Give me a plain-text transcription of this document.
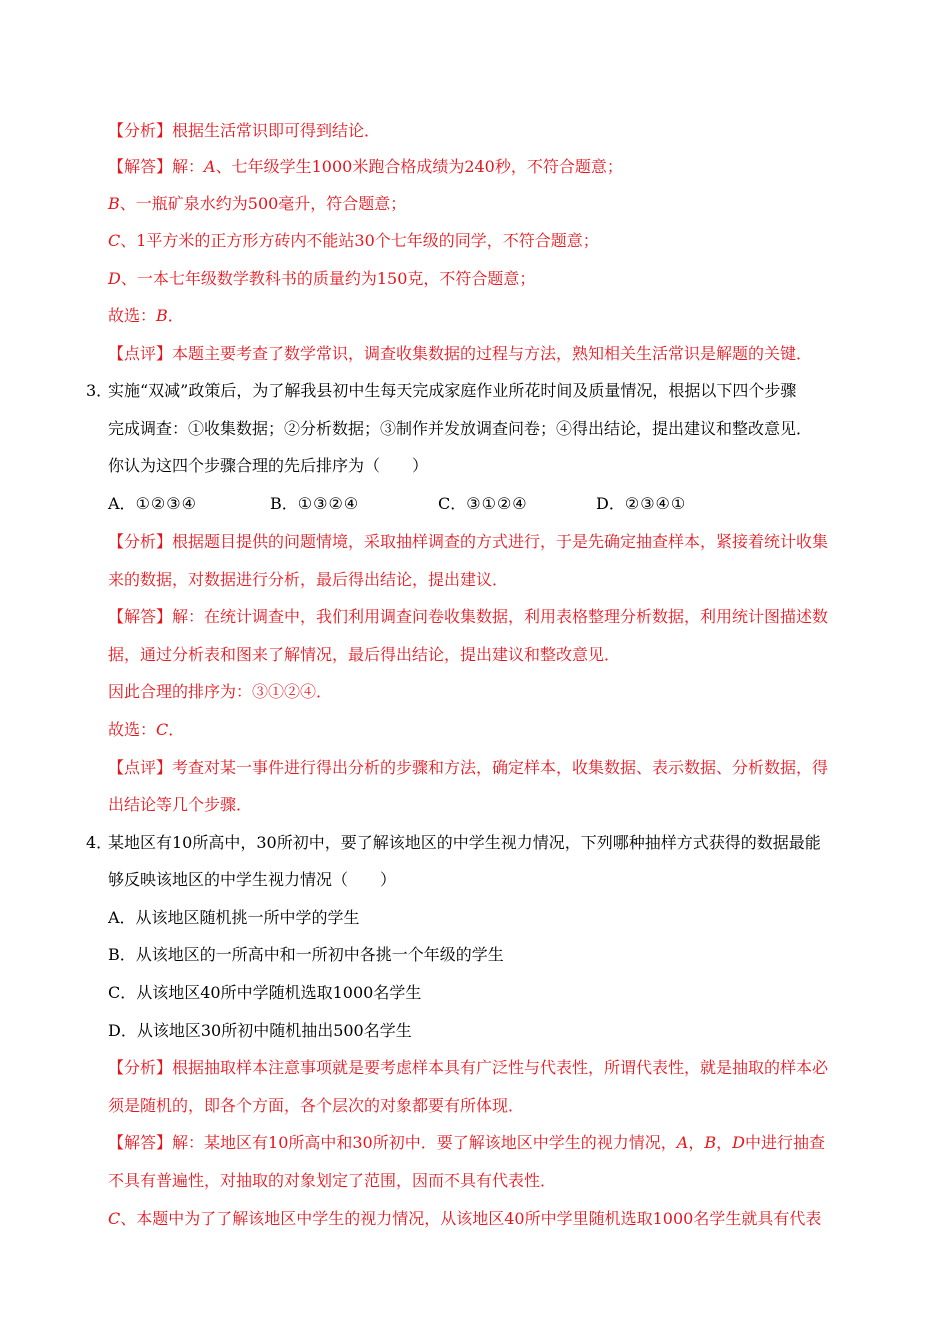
【分析】根据生活常识即可得到结论．
【解答】解：A、七年级学生1000米跑合格成绩为240秒，不符合题意；
B、一瓶矿泉水约为500毫升，符合题意；
C、1平方米的正方形方砖内不能站30个七年级的同学，不符合题意；
D、一本七年级数学教科书的质量约为150克，不符合题意；
故选：B．
【点评】本题主要考查了数学常识，调查收集数据的过程与方法，熟知相关生活常识是解题的关键．
3．
实施“双减”政策后，为了解我县初中生每天完成家庭作业所花时间及质量情况，根据以下四个步骤
完成调查：①收集数据；②分析数据；③制作并发放调查问卷；④得出结论，提出建议和整改意见．
你认为这四个步骤合理的先后排序为（　　）
A．①②③④	B．①③②④	C．③①②④	D．②③④①
【分析】根据题目提供的问题情境，采取抽样调查的方式进行，于是先确定抽查样本，紧接着统计收集
来的数据，对数据进行分析，最后得出结论，提出建议．
【解答】解：在统计调查中，我们利用调查问卷收集数据，利用表格整理分析数据，利用统计图描述数
据，通过分析表和图来了解情况，最后得出结论，提出建议和整改意见．
因此合理的排序为：③①②④．
故选：C．
【点评】考查对某一事件进行得出分析的步骤和方法，确定样本，收集数据、表示数据、分析数据，得
出结论等几个步骤．
4．
某地区有10所高中，30所初中，要了解该地区的中学生视力情况，下列哪种抽样方式获得的数据最能
够反映该地区的中学生视力情况（　　）
A．从该地区随机挑一所中学的学生
B．从该地区的一所高中和一所初中各挑一个年级的学生
C．从该地区40所中学随机选取1000名学生
D．从该地区30所初中随机抽出500名学生
【分析】根据抽取样本注意事项就是要考虑样本具有广泛性与代表性，所谓代表性，就是抽取的样本必
须是随机的，即各个方面，各个层次的对象都要有所体现．
【解答】解：某地区有10所高中和30所初中．要了解该地区中学生的视力情况，A，B，D中进行抽查
不具有普遍性，对抽取的对象划定了范围，因而不具有代表性．
C、本题中为了了解该地区中学生的视力情况，从该地区40所中学里随机选取1000名学生就具有代表
